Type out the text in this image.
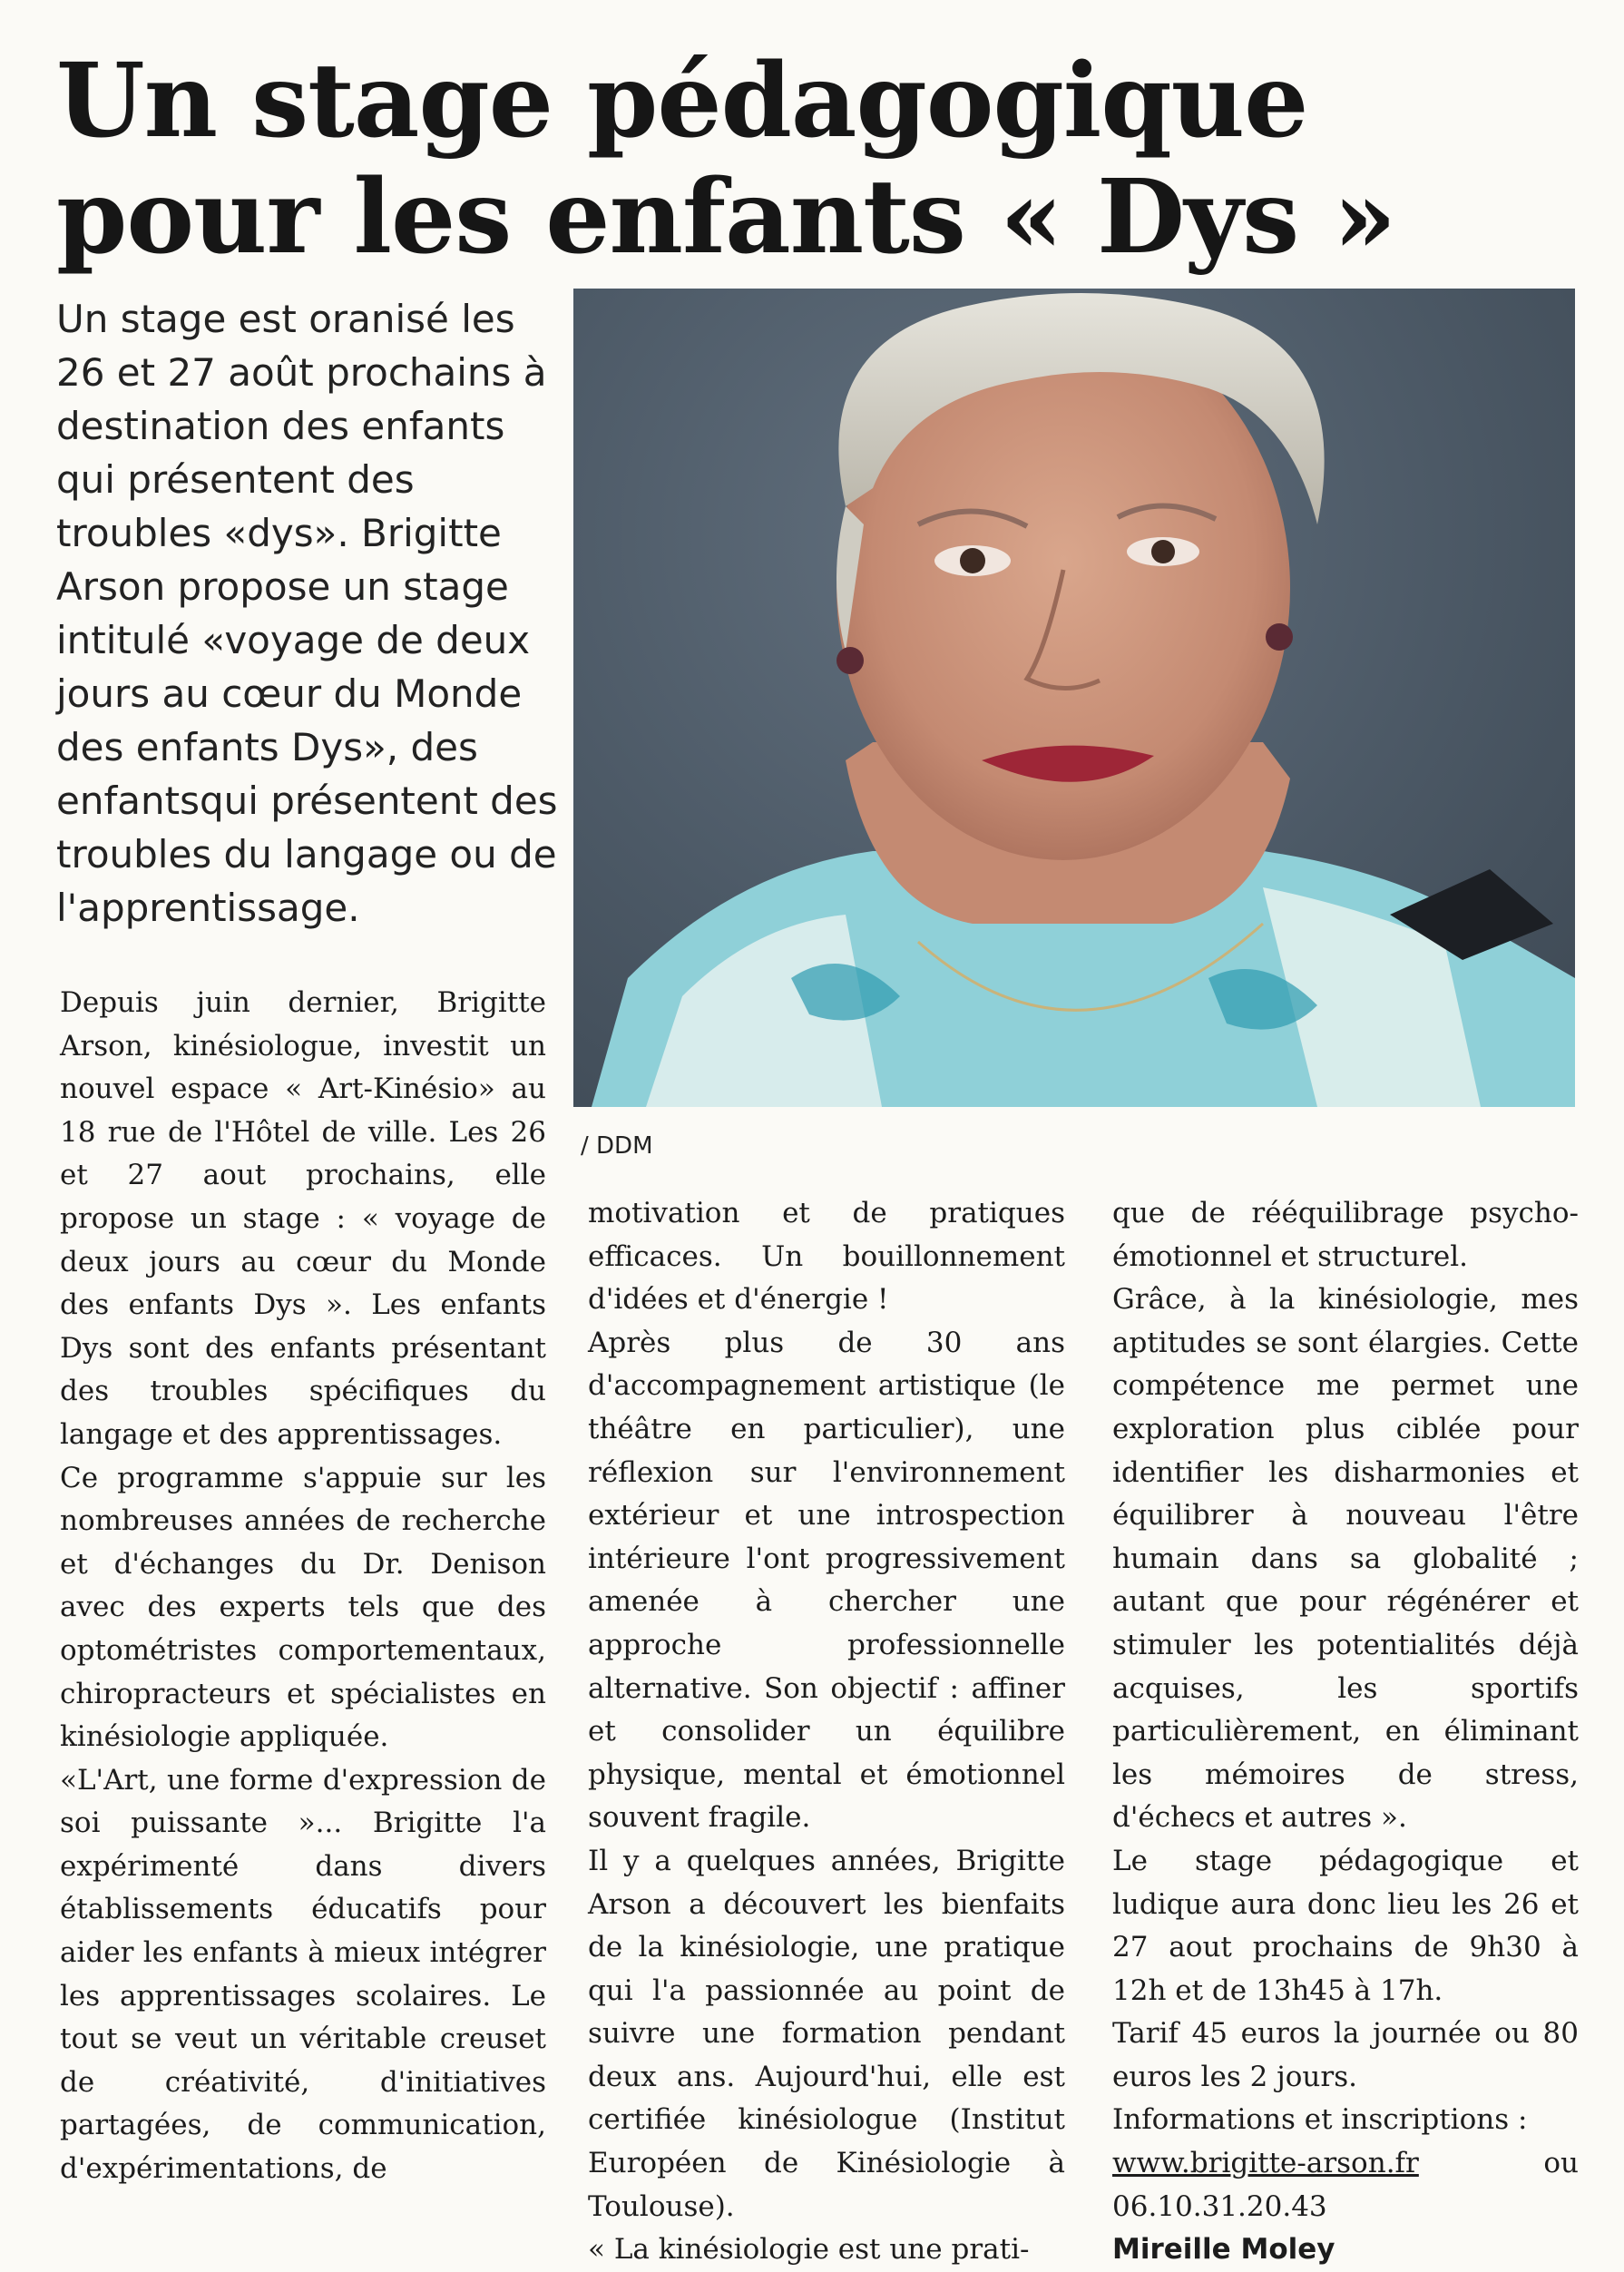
Un stage pédagogique pour les enfants « Dys »

Un stage est oranisé les 26 et 27 août prochains à destination des enfants qui présentent des troubles «dys». Brigitte Arson propose un stage intitulé «voyage de deux jours au cœur du Monde des enfants Dys», des enfantsqui présentent des troubles du langage ou de l'apprentissage.

/ DDM

Depuis juin dernier, Brigitte Arson, kinésiologue, investit un nouvel espace « Art-Kinésio» au 18 rue de l'Hôtel de ville. Les 26 et 27 aout prochains, elle propose un stage : « voyage de deux jours au cœur du Monde des enfants Dys ». Les enfants Dys sont des enfants présentant des troubles spécifiques du langage et des apprentissages.

Ce programme s'appuie sur les nombreuses années de recherche et d'échanges du Dr. Denison avec des experts tels que des optométristes comportementaux, chiropracteurs et spécialistes en kinésiologie appliquée.

«L'Art, une forme d'expression de soi puissante »... Brigitte l'a expérimenté dans divers établissements éducatifs pour aider les enfants à mieux intégrer les apprentissages scolaires. Le tout se veut un véritable creuset de créativité, d'initiatives partagées, de communication, d'expérimentations, de

motivation et de pratiques efficaces. Un bouillonnement d'idées et d'énergie !

Après plus de 30 ans d'accompagnement artistique (le théâtre en particulier), une réflexion sur l'environnement extérieur et une introspection intérieure l'ont progressivement amenée à chercher une approche professionnelle alternative. Son objectif : affiner et consolider un équilibre physique, mental et émotionnel souvent fragile.

Il y a quelques années, Brigitte Arson a découvert les bienfaits de la kinésiologie, une pratique qui l'a passionnée au point de suivre une formation pendant deux ans. Aujourd'hui, elle est certifiée kinésiologue (Institut Européen de Kinésiologie à Toulouse).

« La kinésiologie est une prati-

que de rééquilibrage psycho-émotionnel et structurel.

Grâce, à la kinésiologie, mes aptitudes se sont élargies. Cette compétence me permet une exploration plus ciblée pour identifier les disharmonies et équilibrer à nouveau l'être humain dans sa globalité ; autant que pour régénérer et stimuler les potentialités déjà acquises, les sportifs particulièrement, en éliminant les mémoires de stress, d'échecs et autres ».

Le stage pédagogique et ludique aura donc lieu les 26 et 27 aout prochains de 9h30 à 12h et de 13h45 à 17h.

Tarif 45 euros la journée ou 80 euros les 2 jours.

Informations et inscriptions :

www.brigitte-arson.fr	ou 06.10.31.20.43

Mireille Moley
